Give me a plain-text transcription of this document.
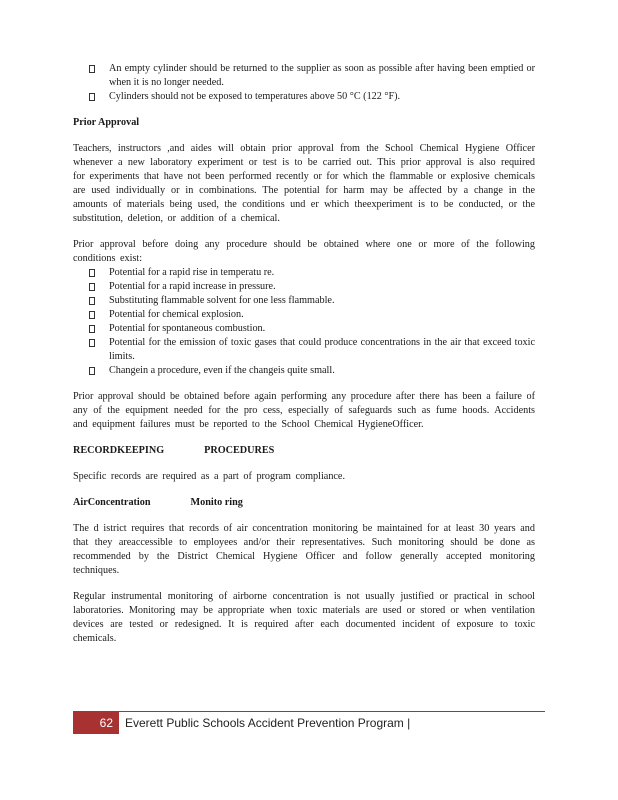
An empty cylinder should be returned to the supplier as soon as possible after having been emptied or when it is no longer needed.
Cylinders should not be exposed to temperatures above 50 °C (122 °F).
Prior Approval

Teachers, instructors ,and aides will obtain prior approval from the School Chemical Hygiene Officer whenever a new laboratory experiment or test is to be carried out. This prior approval is also required for experiments that have not been performed recently or for which the flammable or explosive chemicals are used individually or in combinations. The potential for harm may be affected by a change in the amounts of materials being used, the conditions und er which theexperiment is to be conducted, or the substitution, deletion, or addition of a chemical.

Prior approval before doing any procedure should be obtained where one or more of the following conditions exist:

Potential for a rapid rise in temperatu re.
Potential for a rapid increase in pressure.
Substituting flammable solvent for one less flammable.
Potential for chemical explosion.
Potential for spontaneous combustion.
Potential for the emission of toxic gases that could produce concentrations in the air that exceed toxic limits.
Changein a procedure, even if the changeis quite small.

Prior approval should be obtained before again performing any procedure after there has been a failure of any of the equipment needed for the pro cess, especially of safeguards such as fume hoods. Accidents and equipment failures must be reported to the School Chemical HygieneOfficer.

RECORDKEEPING	PROCEDURES

Specific records are required as a part of program compliance.

AirConcentration	Monito ring

The d istrict requires that records of air concentration monitoring be maintained for at least 30 years and that they areaccessible to employees and/or their representatives. Such monitoring should be done as recommended by the District Chemical Hygiene Officer and follow generally accepted monitoring techniques.

Regular instrumental monitoring of airborne concentration is not usually justified or practical in school laboratories. Monitoring may be appropriate when toxic materials are used or stored or when ventilation devices are tested or redesigned. It is required after each documented incident of exposure to toxic chemicals.

62	Everett Public Schools Accident Prevention Program |
